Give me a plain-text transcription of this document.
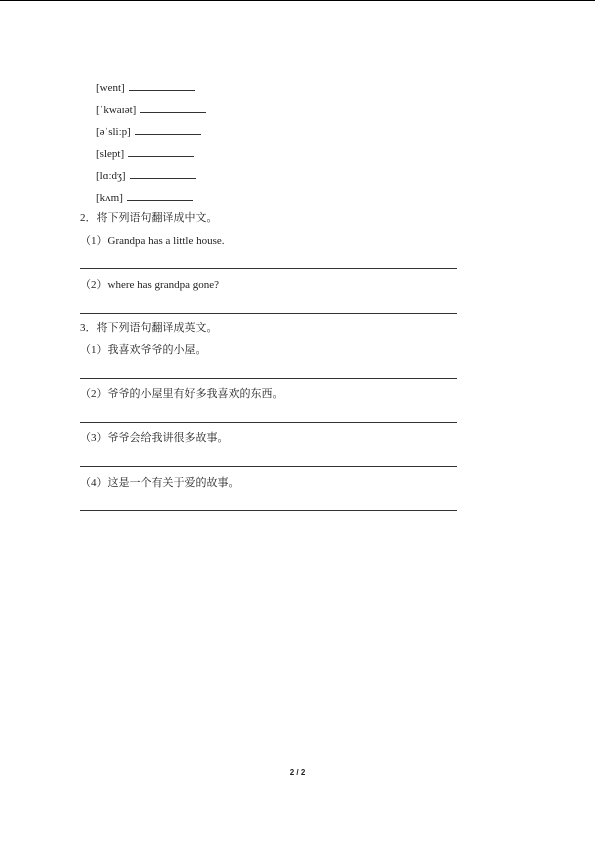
[went]
[ˈkwaɪət]
[əˈsliːp]
[slept]
[lɑːdʒ]
[kʌm]
2．将下列语句翻译成中文。
（1）Grandpa has a little house.
（2）where has grandpa gone?
3．将下列语句翻译成英文。
（1）我喜欢爷爷的小屋。
（2）爷爷的小屋里有好多我喜欢的东西。
（3）爷爷会给我讲很多故事。
（4）这是一个有关于爱的故事。
2 / 2
